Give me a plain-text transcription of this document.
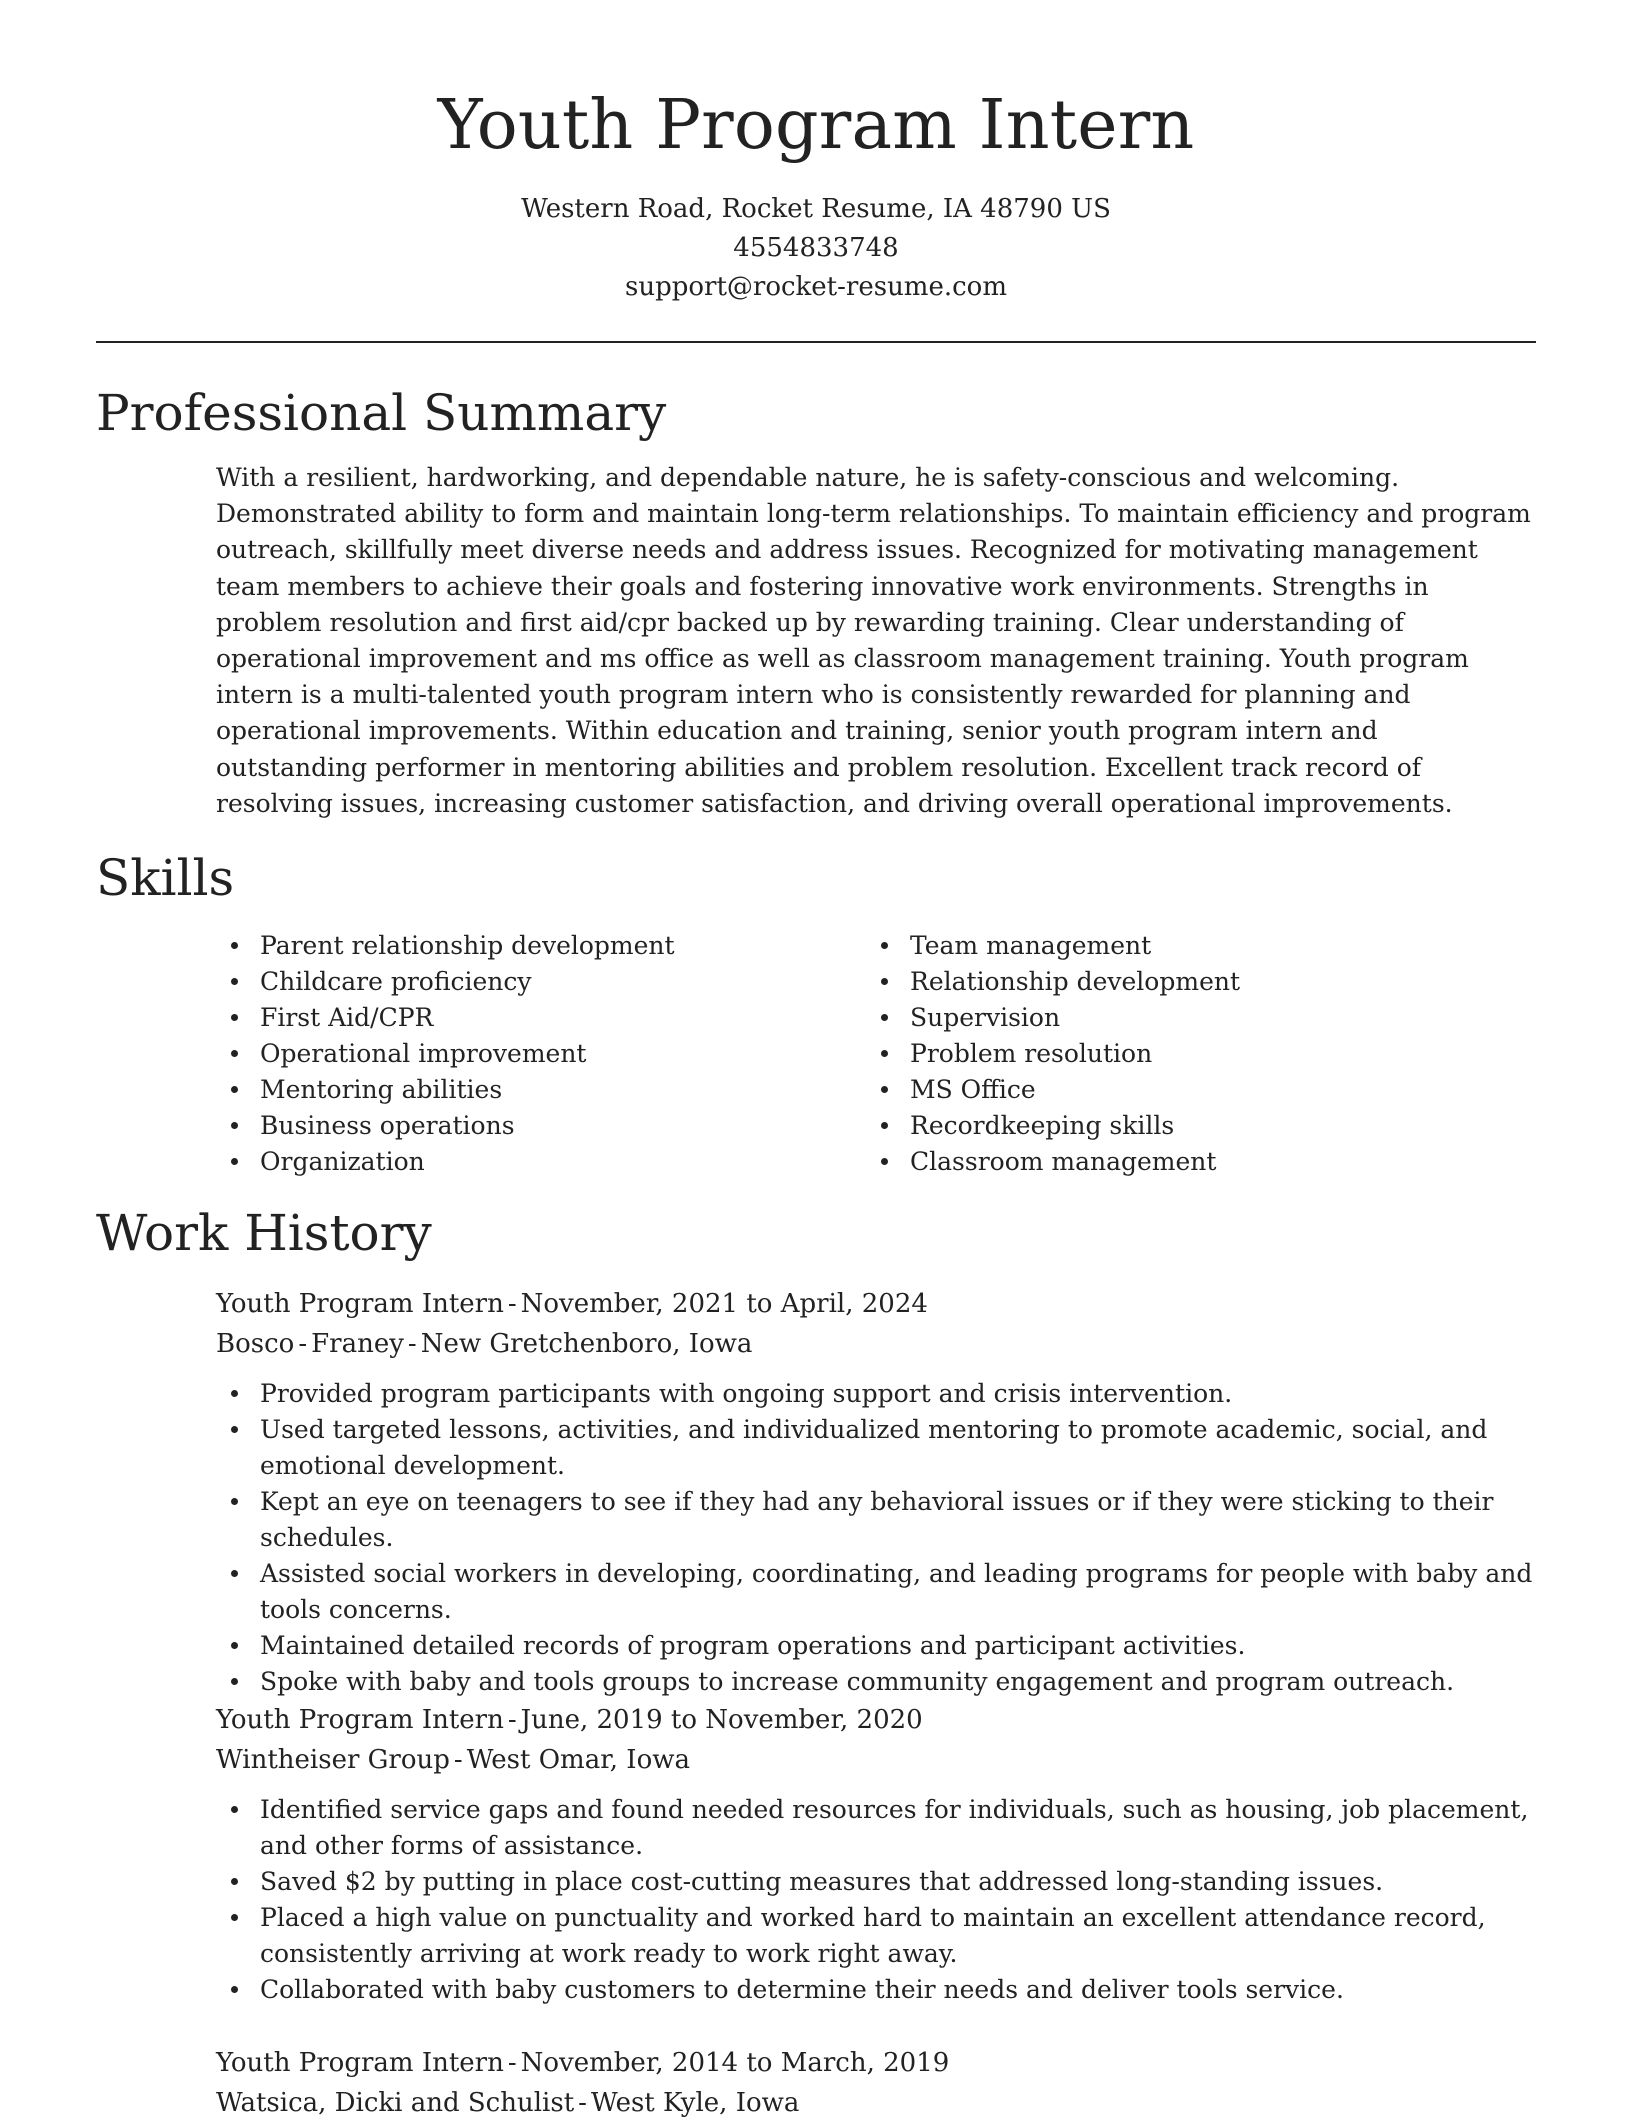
Youth Program Intern
Western Road, Rocket Resume, IA 48790 US
4554833748
support@rocket-resume.com
Professional Summary
With a resilient, hardworking, and dependable nature, he is safety-conscious and welcoming. Demonstrated ability to form and maintain long-term relationships. To maintain efficiency and program outreach, skillfully meet diverse needs and address issues. Recognized for motivating management team members to achieve their goals and fostering innovative work environments. Strengths in problem resolution and first aid/cpr backed up by rewarding training. Clear understanding of operational improvement and ms office as well as classroom management training. Youth program intern is a multi-talented youth program intern who is consistently rewarded for planning and operational improvements. Within education and training, senior youth program intern and outstanding performer in mentoring abilities and problem resolution. Excellent track record of resolving issues, increasing customer satisfaction, and driving overall operational improvements.
Skills
Parent relationship development
Childcare proficiency
First Aid/CPR
Operational improvement
Mentoring abilities
Business operations
Organization
Team management
Relationship development
Supervision
Problem resolution
MS Office
Recordkeeping skills
Classroom management
Work History
Youth Program Intern - November, 2021 to April, 2024
Bosco - Franey - New Gretchenboro, Iowa
Provided program participants with ongoing support and crisis intervention.
Used targeted lessons, activities, and individualized mentoring to promote academic, social, and emotional development.
Kept an eye on teenagers to see if they had any behavioral issues or if they were sticking to their schedules.
Assisted social workers in developing, coordinating, and leading programs for people with baby and tools concerns.
Maintained detailed records of program operations and participant activities.
Spoke with baby and tools groups to increase community engagement and program outreach.
Youth Program Intern - June, 2019 to November, 2020
Wintheiser Group - West Omar, Iowa
Identified service gaps and found needed resources for individuals, such as housing, job placement, and other forms of assistance.
Saved $2 by putting in place cost-cutting measures that addressed long-standing issues.
Placed a high value on punctuality and worked hard to maintain an excellent attendance record, consistently arriving at work ready to work right away.
Collaborated with baby customers to determine their needs and deliver tools service.
Youth Program Intern - November, 2014 to March, 2019
Watsica, Dicki and Schulist - West Kyle, Iowa
